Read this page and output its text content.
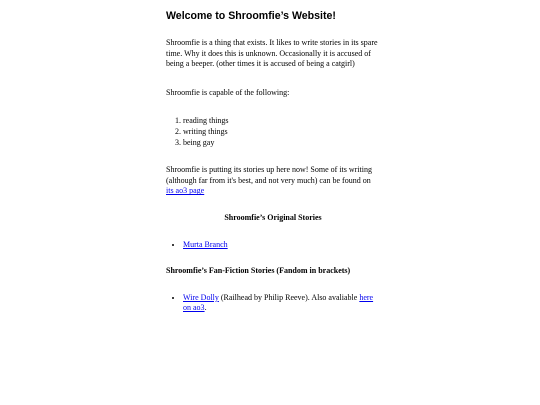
Welcome to Shroomfie’s Website!

Shroomfie is a thing that exists. It likes to write stories in its spare time. Why it does this is unknown. Occasionally it is accused of being a beeper. (other times it is accused of being a catgirl)

Shroomfie is capable of the following:

1. reading things
2. writing things
3. being gay

Shroomfie is putting its stories up here now! Some of its writing (although far from it's best, and not very much) can be found on its ao3 page

Shroomfie’s Original Stories
• Murta Branch
Shroomfie’s Fan-Fiction Stories (Fandom in brackets)
• Wire Dolly (Railhead by Philip Reeve). Also avaliable here on ao3.
